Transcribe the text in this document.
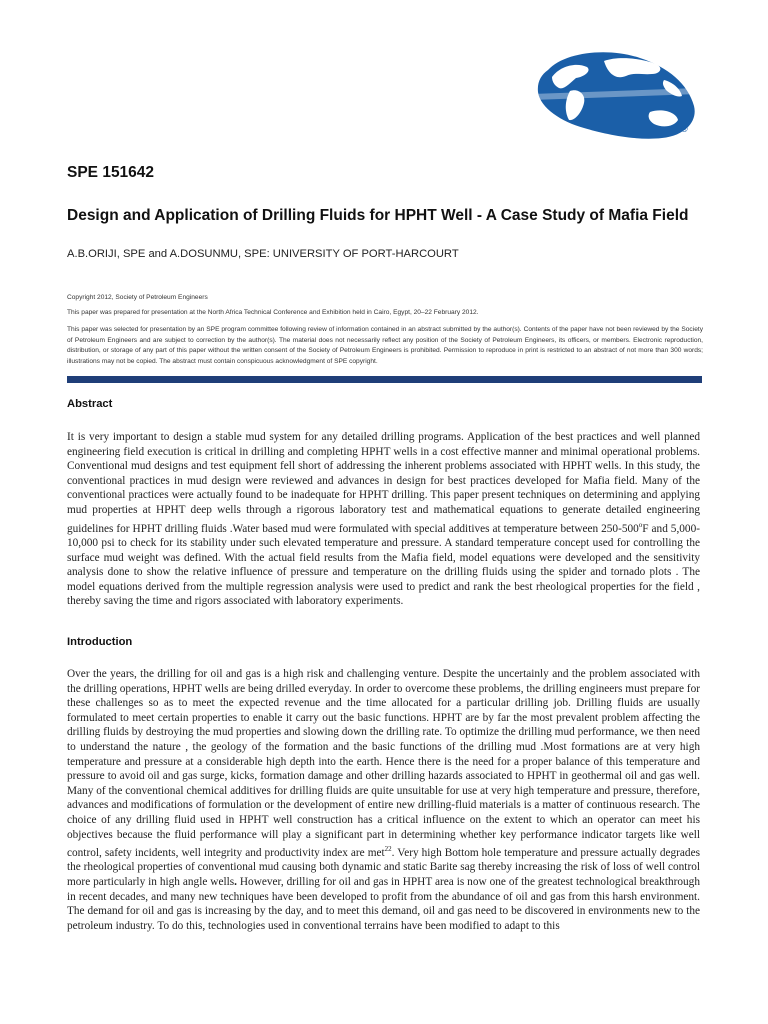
®
SPE 151642
Design and Application of Drilling Fluids for HPHT Well - A Case Study of Mafia Field
A.B.ORIJI, SPE and A.DOSUNMU, SPE: UNIVERSITY OF PORT-HARCOURT

Copyright 2012, Society of Petroleum Engineers

This paper was prepared for presentation at the North Africa Technical Conference and Exhibition held in Cairo, Egypt, 20–22 February 2012.

This paper was selected for presentation by an SPE program committee following review of information contained in an abstract submitted by the author(s). Contents of the paper have not been reviewed by the Society of Petroleum Engineers and are subject to correction by the author(s). The material does not necessarily reflect any position of the Society of Petroleum Engineers, its officers, or members. Electronic reproduction, distribution, or storage of any part of this paper without the written consent of the Society of Petroleum Engineers is prohibited. Permission to reproduce in print is restricted to an abstract of not more than 300 words; illustrations may not be copied. The abstract must contain conspicuous acknowledgment of SPE copyright.

Abstract

It is very important to design a stable mud system for any detailed drilling programs. Application of the best practices and well planned engineering field execution is critical in drilling and completing HPHT wells in a cost effective manner and minimal operational problems. Conventional mud designs and test equipment fell short of addressing the inherent problems associated with HPHT wells. In this study, the conventional practices in mud design were reviewed and advances in design for best practices developed for Mafia field. Many of the conventional practices were actually found to be inadequate for HPHT drilling. This paper present techniques on determining and applying mud properties at HPHT deep wells through a rigorous laboratory test and mathematical equations to generate detailed engineering guidelines for HPHT drilling fluids .Water based mud were formulated with special additives at temperature between 250-500$^o$F and 5,000-10,000 psi to check for its stability under such elevated temperature and pressure. A standard temperature concept used for controlling the surface mud weight was defined. With the actual field results from the Mafia field, model equations were developed and the sensitivity analysis done to show the relative influence of pressure and temperature on the drilling fluids using the spider and tornado plots . The model equations derived from the multiple regression analysis were used to predict and rank the best rheological properties for the field , thereby saving the time and rigors associated with laboratory experiments.

Introduction

Over the years, the drilling for oil and gas is a high risk and challenging venture. Despite the uncertainly and the problem associated with the drilling operations, HPHT wells are being drilled everyday. In order to overcome these problems, the drilling engineers must prepare for these challenges so as to meet the expected revenue and the time allocated for a particular drilling job. Drilling fluids are usually formulated to meet certain properties to enable it carry out the basic functions. HPHT are by far the most prevalent problem affecting the drilling fluids by destroying the mud properties and slowing down the drilling rate. To optimize the drilling mud performance, we then need to understand the nature , the geology of the formation and the basic functions of the drilling mud .Most formations are at very high temperature and pressure at a considerable high depth into the earth. Hence there is the need for a proper balance of this temperature and pressure to avoid oil and gas surge, kicks, formation damage and other drilling hazards associated to HPHT in geothermal oil and gas well. Many of the conventional chemical additives for drilling fluids are quite unsuitable for use at very high temperature and pressure, therefore, advances and modifications of formulation or the development of entire new drilling-fluid materials is a matter of continuous research. The choice of any drilling fluid used in HPHT well construction has a critical influence on the extent to which an operator can meet his objectives because the fluid performance will play a significant part in determining whether key performance indicator targets like well control, safety incidents, well integrity and productivity index are met$^{22}$. Very high Bottom hole temperature and pressure actually degrades the rheological properties of conventional mud causing both dynamic and static Barite sag thereby increasing the risk of loss of well control more particularly in high angle wells. However, drilling for oil and gas in HPHT area is now one of the greatest technological breakthrough in recent decades, and many new techniques have been developed to profit from the abundance of oil and gas from this harsh environment. The demand for oil and gas is increasing by the day, and to meet this demand, oil and gas need to be discovered in environments new to the petroleum industry. To do this, technologies used in conventional terrains have been modified to adapt to this
